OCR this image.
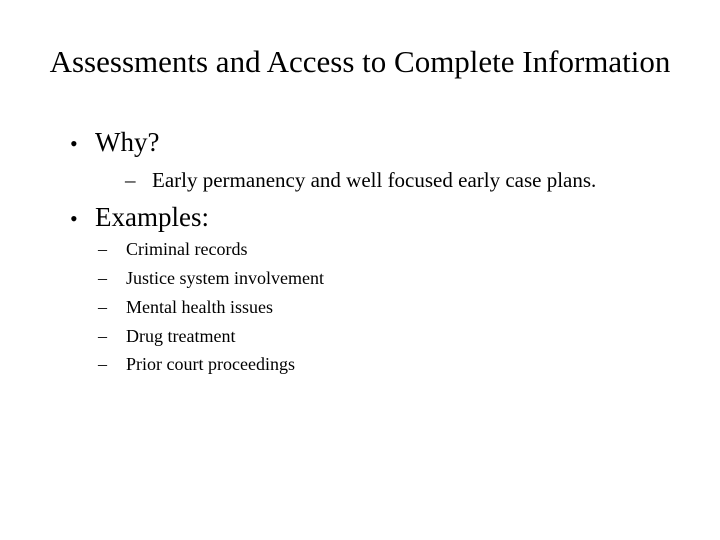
Assessments and Access to Complete Information
• Why?
– Early permanency and well focused early case plans.
• Examples:
– Criminal records
– Justice system involvement
– Mental health issues
– Drug treatment
– Prior court proceedings
